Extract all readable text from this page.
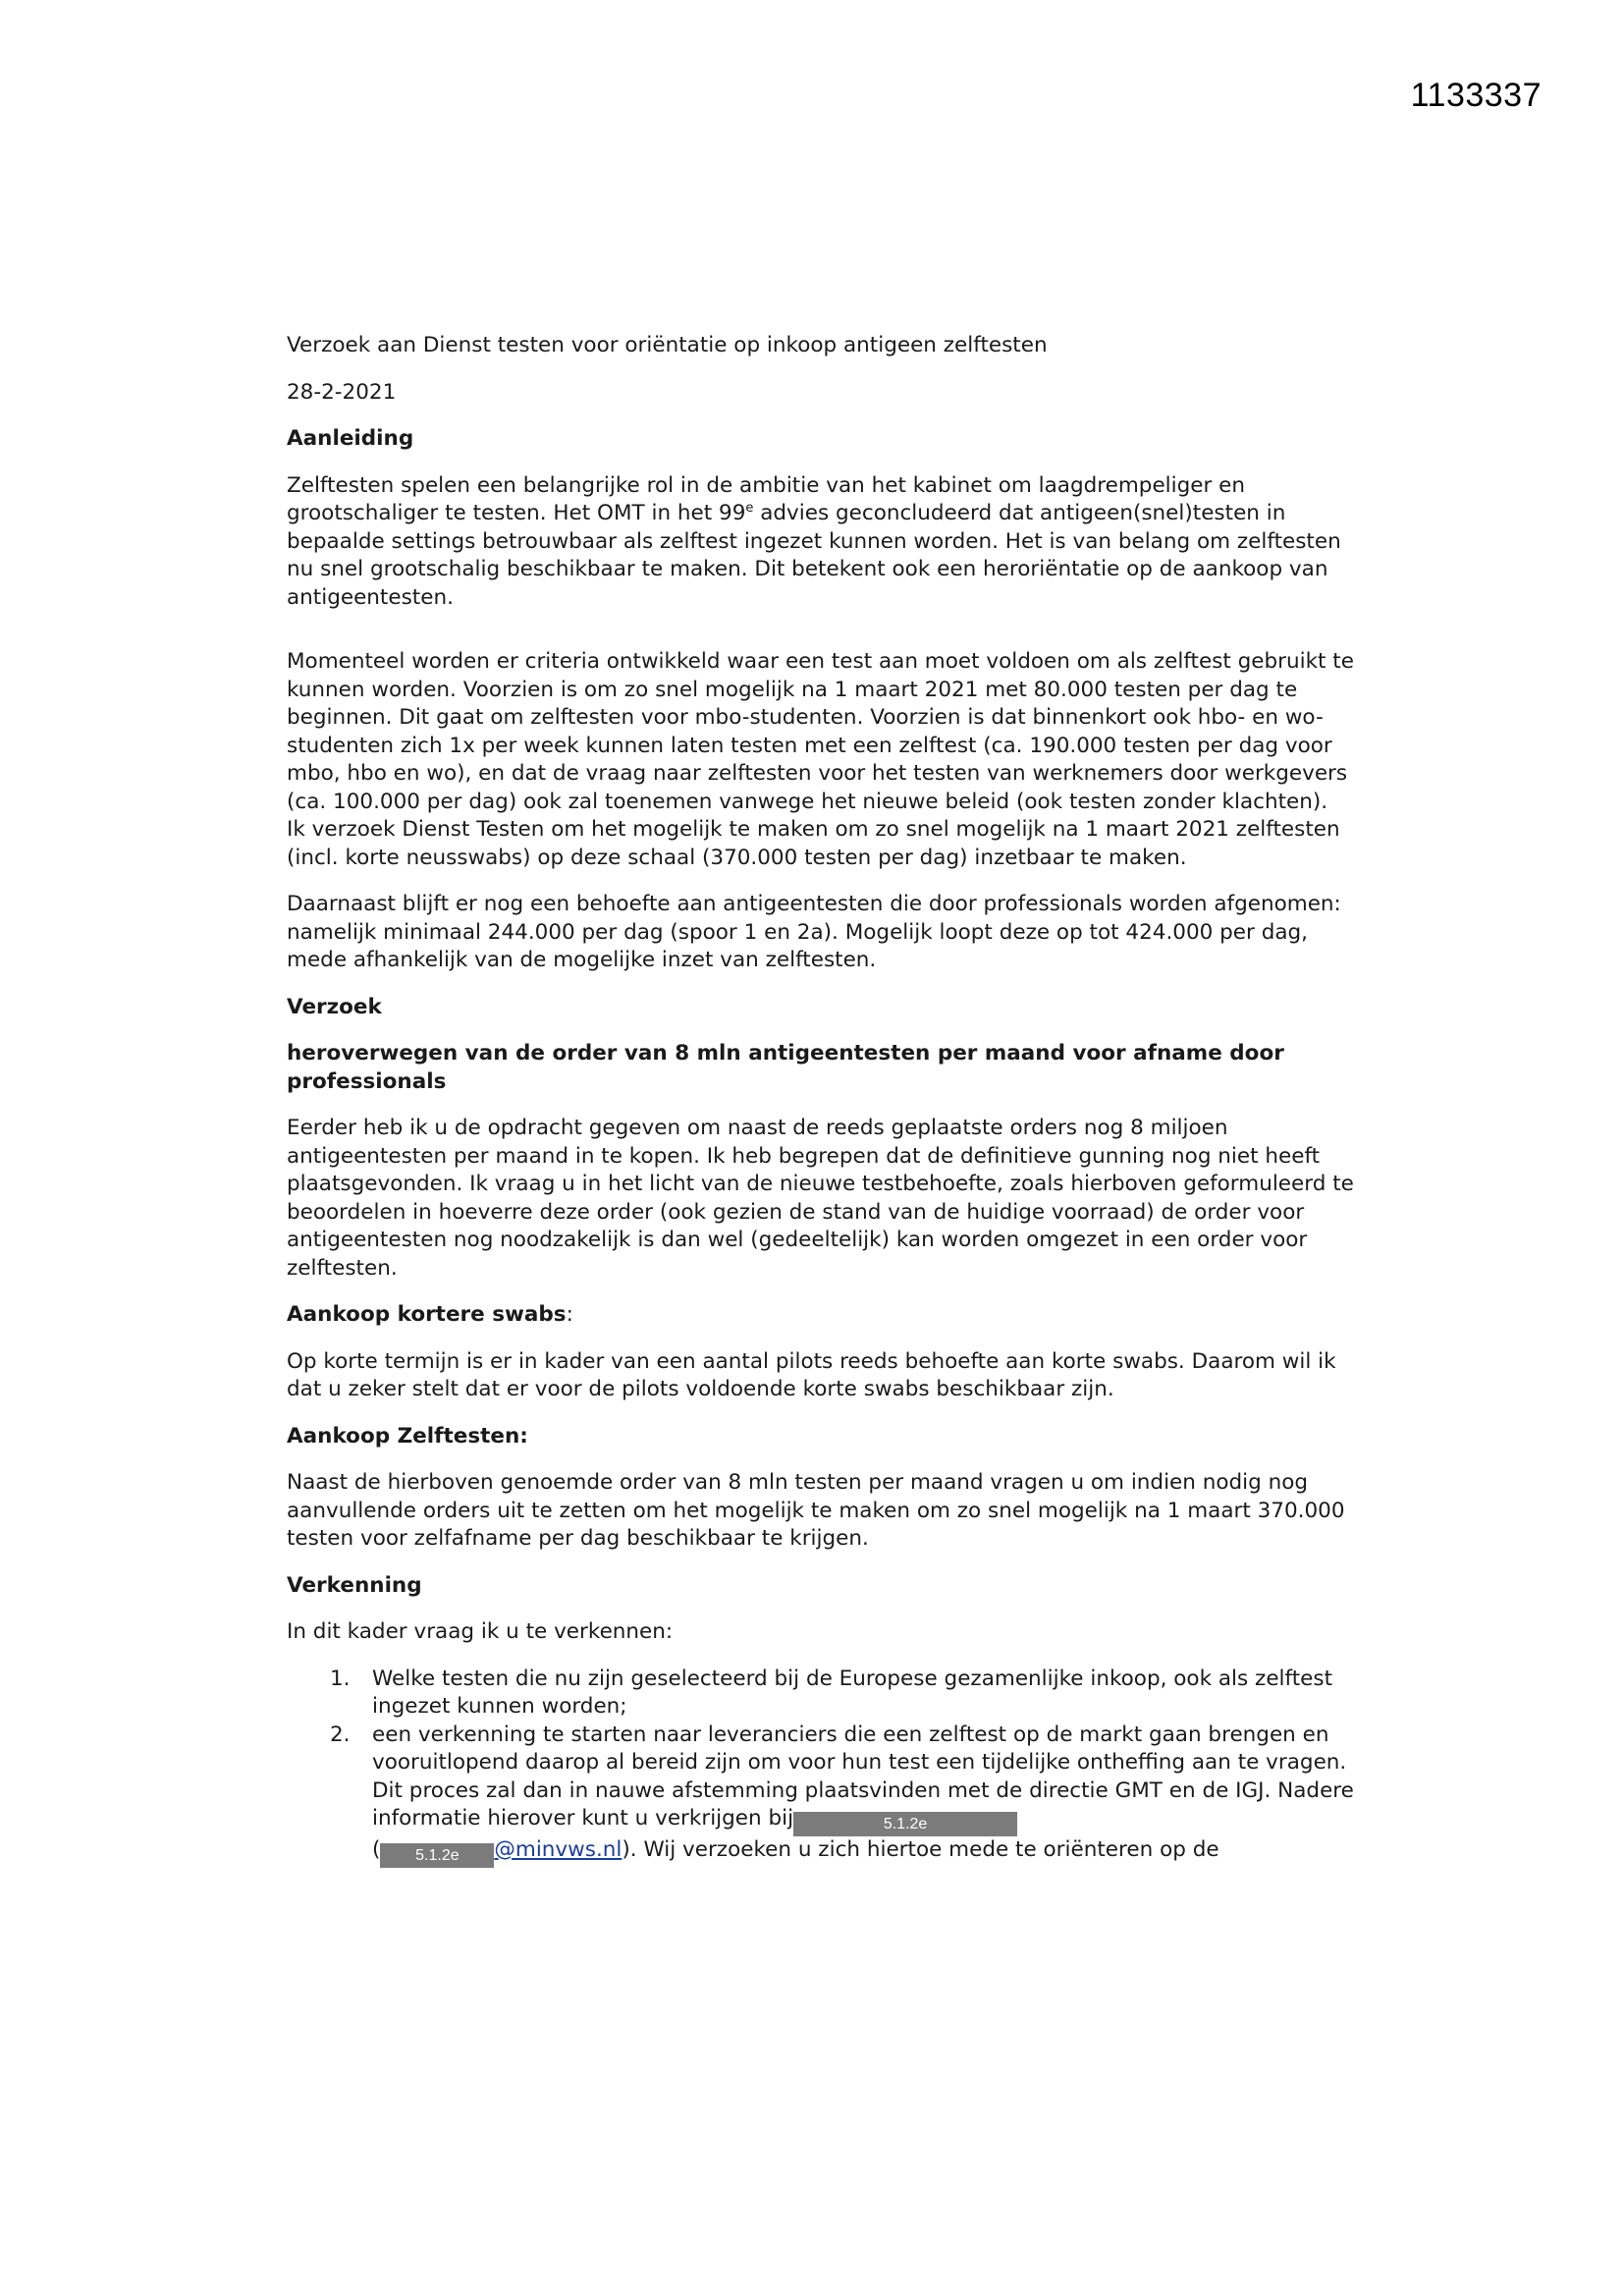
1133337

Verzoek aan Dienst testen voor oriëntatie op inkoop antigeen zelftesten

28-2-2021

Aanleiding

Zelftesten spelen een belangrijke rol in de ambitie van het kabinet om laagdrempeliger en grootschaliger te testen. Het OMT in het 99e advies geconcludeerd dat antigeen(snel)testen in bepaalde settings betrouwbaar als zelftest ingezet kunnen worden. Het is van belang om zelftesten nu snel grootschalig beschikbaar te maken. Dit betekent ook een heroriëntatie op de aankoop van antigeentesten.

Momenteel worden er criteria ontwikkeld waar een test aan moet voldoen om als zelftest gebruikt te kunnen worden. Voorzien is om zo snel mogelijk na 1 maart 2021 met 80.000 testen per dag te beginnen. Dit gaat om zelftesten voor mbo-studenten. Voorzien is dat binnenkort ook hbo- en wo-studenten zich 1x per week kunnen laten testen met een zelftest (ca. 190.000 testen per dag voor mbo, hbo en wo), en dat de vraag naar zelftesten voor het testen van werknemers door werkgevers (ca. 100.000 per dag) ook zal toenemen vanwege het nieuwe beleid (ook testen zonder klachten).
Ik verzoek Dienst Testen om het mogelijk te maken om zo snel mogelijk na 1 maart 2021 zelftesten (incl. korte neusswabs) op deze schaal (370.000 testen per dag) inzetbaar te maken.

Daarnaast blijft er nog een behoefte aan antigeentesten die door professionals worden afgenomen: namelijk minimaal 244.000 per dag (spoor 1 en 2a). Mogelijk loopt deze op tot 424.000 per dag, mede afhankelijk van de mogelijke inzet van zelftesten.

Verzoek
heroverwegen van de order van 8 mln antigeentesten per maand voor afname door professionals

Eerder heb ik u de opdracht gegeven om naast de reeds geplaatste orders nog 8 miljoen antigeentesten per maand in te kopen. Ik heb begrepen dat de definitieve gunning nog niet heeft plaatsgevonden. Ik vraag u in het licht van de nieuwe testbehoefte, zoals hierboven geformuleerd te beoordelen in hoeverre deze order (ook gezien de stand van de huidige voorraad) de order voor antigeentesten nog noodzakelijk is dan wel (gedeeltelijk) kan worden omgezet in een order voor zelftesten.

Aankoop kortere swabs:

Op korte termijn is er in kader van een aantal pilots reeds behoefte aan korte swabs. Daarom wil ik dat u zeker stelt dat er voor de pilots voldoende korte swabs beschikbaar zijn.

Aankoop Zelftesten:

Naast de hierboven genoemde order van 8 mln testen per maand vragen u om indien nodig nog aanvullende orders uit te zetten om het mogelijk te maken om zo snel mogelijk na 1 maart 370.000 testen voor zelfafname per dag beschikbaar te krijgen.

Verkenning

In dit kader vraag ik u te verkennen:

1. Welke testen die nu zijn geselecteerd bij de Europese gezamenlijke inkoop, ook als zelftest ingezet kunnen worden;
2. een verkenning te starten naar leveranciers die een zelftest op de markt gaan brengen en vooruitlopend daarop al bereid zijn om voor hun test een tijdelijke ontheffing aan te vragen. Dit proces zal dan in nauwe afstemming plaatsvinden met de directie GMT en de IGJ. Nadere informatie hierover kunt u verkrijgen bij	5.1.2e
( 5.1.2e @minvws.nl). Wij verzoeken u zich hiertoe mede te oriënteren op de
